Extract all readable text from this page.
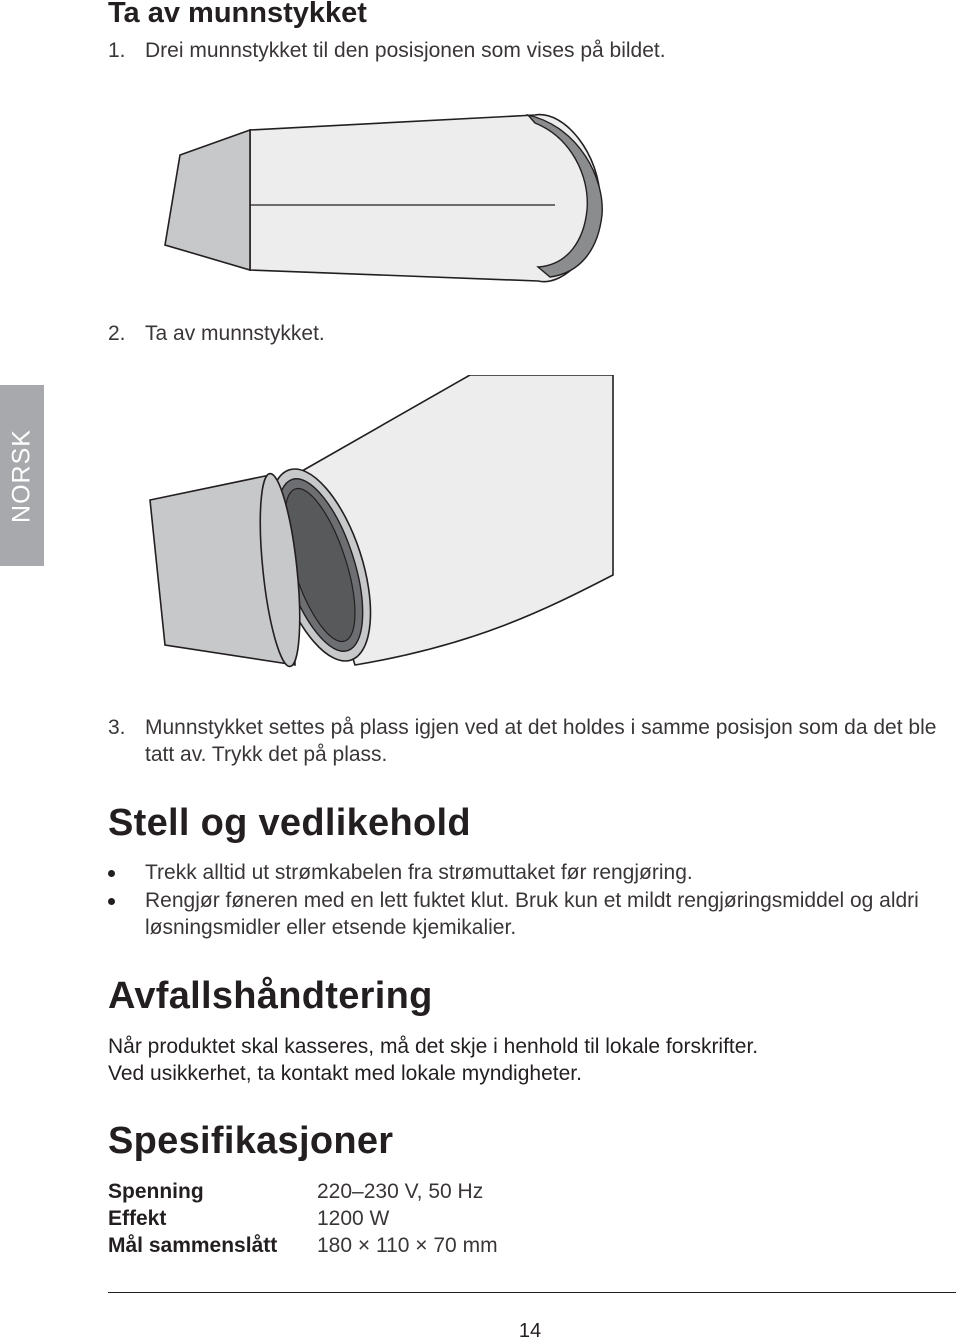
NORSK
Ta av munnstykket
1. Drei munnstykket til den posisjonen som vises på bildet.
2. Ta av munnstykket.
3. Munnstykket settes på plass igjen ved at det holdes i samme posisjon som da det ble tatt av. Trykk det på plass.
Stell og vedlikehold
Trekk alltid ut strømkabelen fra strømuttaket før rengjøring.
Rengjør føneren med en lett fuktet klut. Bruk kun et mildt rengjøringsmiddel og aldri løsningsmidler eller etsende kjemikalier.
Avfallshåndtering
Når produktet skal kasseres, må det skje i henhold til lokale forskrifter.
Ved usikkerhet, ta kontakt med lokale myndigheter.
Spesifikasjoner
Spenning	220–230 V, 50 Hz
Effekt	1200 W
Mål sammenslått 180 × 110 × 70 mm
14
